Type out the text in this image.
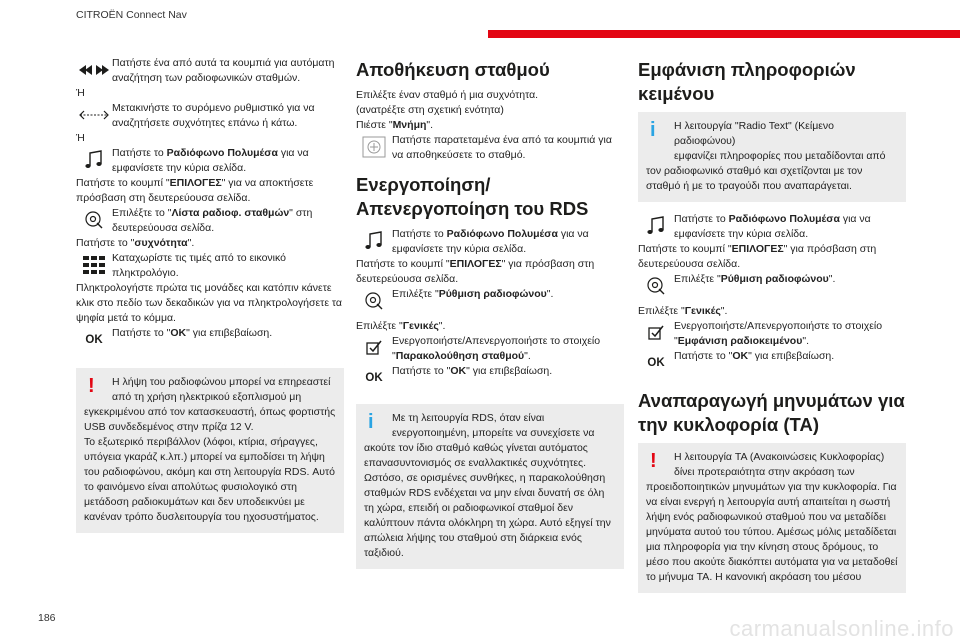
CITROËN Connect Nav

Πατήστε ένα από αυτά τα κουμπιά για αυτόματη αναζήτηση των ραδιοφωνικών σταθμών.

Ή

Μετακινήστε το συρόμενο ρυθμιστικό για να αναζητήσετε συχνότητες επάνω ή κάτω.

Ή

Πατήστε το Ραδιόφωνο Πολυμέσα για να εμφανίσετε την κύρια σελίδα.

Πατήστε το κουμπί "ΕΠΙΛΟΓΕΣ" για να αποκτήσετε πρόσβαση στη δευτερεύουσα σελίδα.

Επιλέξτε το "Λίστα ραδιοφ. σταθμών" στη δευτερεύουσα σελίδα.

Πατήστε το "συχνότητα".

Καταχωρίστε τις τιμές από το εικονικό πληκτρολόγιο.

Πληκτρολογήστε πρώτα τις μονάδες και κατόπιν κάνετε κλικ στο πεδίο των δεκαδικών για να πληκτρολογήσετε τα ψηφία μετά το κόμμα.

OK

Πατήστε το "OK" για επιβεβαίωση.

! Η λήψη του ραδιοφώνου μπορεί να επηρεαστεί

από τη χρήση ηλεκτρικού εξοπλισμού μη εγκεκριμένου από τον κατασκευαστή, όπως φορτιστής USB συνδεδεμένος στην πρίζα 12 V.

Το εξωτερικό περιβάλλον (λόφοι, κτίρια, σήραγγες, υπόγεια γκαράζ κ.λπ.) μπορεί να εμποδίσει τη λήψη του ραδιοφώνου, ακόμη και στη λειτουργία RDS. Αυτό το φαινόμενο είναι απολύτως φυσιολογικό στη μετάδοση ραδιοκυμάτων και δεν υποδεικνύει με κανέναν τρόπο δυσλειτουργία του ηχοσυστήματος.

Αποθήκευση σταθμού

Επιλέξτε έναν σταθμό ή μια συχνότητα.

(ανατρέξτε στη σχετική ενότητα)

Πιέστε "Μνήμη".

Πατήστε παρατεταμένα ένα από τα κουμπιά για να αποθηκεύσετε το σταθμό.

Ενεργοποίηση/Απενεργοποίηση του RDS

Πατήστε το Ραδιόφωνο Πολυμέσα για να εμφανίσετε την κύρια σελίδα.

Πατήστε το κουμπί "ΕΠΙΛΟΓΕΣ" για πρόσβαση στη δευτερεύουσα σελίδα.

Επιλέξτε "Ρύθμιση ραδιοφώνου".

Επιλέξτε "Γενικές".

Ενεργοποιήστε/Απενεργοποιήστε το στοιχείο "Παρακολούθηση σταθμού".

OK

Πατήστε το "OK" για επιβεβαίωση.

i Με τη λειτουργία RDS, όταν είναι

ενεργοποιημένη, μπορείτε να συνεχίσετε να ακούτε τον ίδιο σταθμό καθώς γίνεται αυτόματος επανασυντονισμός σε εναλλακτικές συχνότητες. Ωστόσο, σε ορισμένες συνθήκες, η παρακολούθηση σταθμών RDS ενδέχεται να μην είναι δυνατή σε όλη τη χώρα, επειδή οι ραδιοφωνικοί σταθμοί δεν καλύπτουν πάντα ολόκληρη τη χώρα. Αυτό εξηγεί την απώλεια λήψης του σταθμού στη διάρκεια ενός ταξιδιού.

Εμφάνιση πληροφοριών κειμένου
i Η λειτουργία "Radio Text" (Κείμενο ραδιοφώνου)

εμφανίζει πληροφορίες που μεταδίδονται από τον ραδιοφωνικό σταθμό και σχετίζονται με τον σταθμό ή με το τραγούδι που αναπαράγεται.

Πατήστε το Ραδιόφωνο Πολυμέσα για να εμφανίσετε την κύρια σελίδα.

Πατήστε το κουμπί "ΕΠΙΛΟΓΕΣ" για πρόσβαση στη δευτερεύουσα σελίδα.

Επιλέξτε "Ρύθμιση ραδιοφώνου".

Επιλέξτε "Γενικές".

Ενεργοποιήστε/Απενεργοποιήστε το στοιχείο "Εμφάνιση ραδιοκειμένου".

OK

Πατήστε το "OK" για επιβεβαίωση.

Αναπαραγωγή μηνυμάτων για την κυκλοφορία (TA)
! Η λειτουργία TA (Ανακοινώσεις Κυκλοφορίας)

δίνει προτεραιότητα στην ακρόαση των προειδοποιητικών μηνυμάτων για την κυκλοφορία. Για να είναι ενεργή η λειτουργία αυτή απαιτείται η σωστή λήψη ενός ραδιοφωνικού σταθμού που να μεταδίδει μηνύματα αυτού του τύπου. Αμέσως μόλις μεταδίδεται μια πληροφορία για την κίνηση στους δρόμους, το μέσο που ακούτε διακόπτει αυτόματα για να μεταδοθεί το μήνυμα TA. Η κανονική ακρόαση του μέσου

186	carmanualsonline.info
